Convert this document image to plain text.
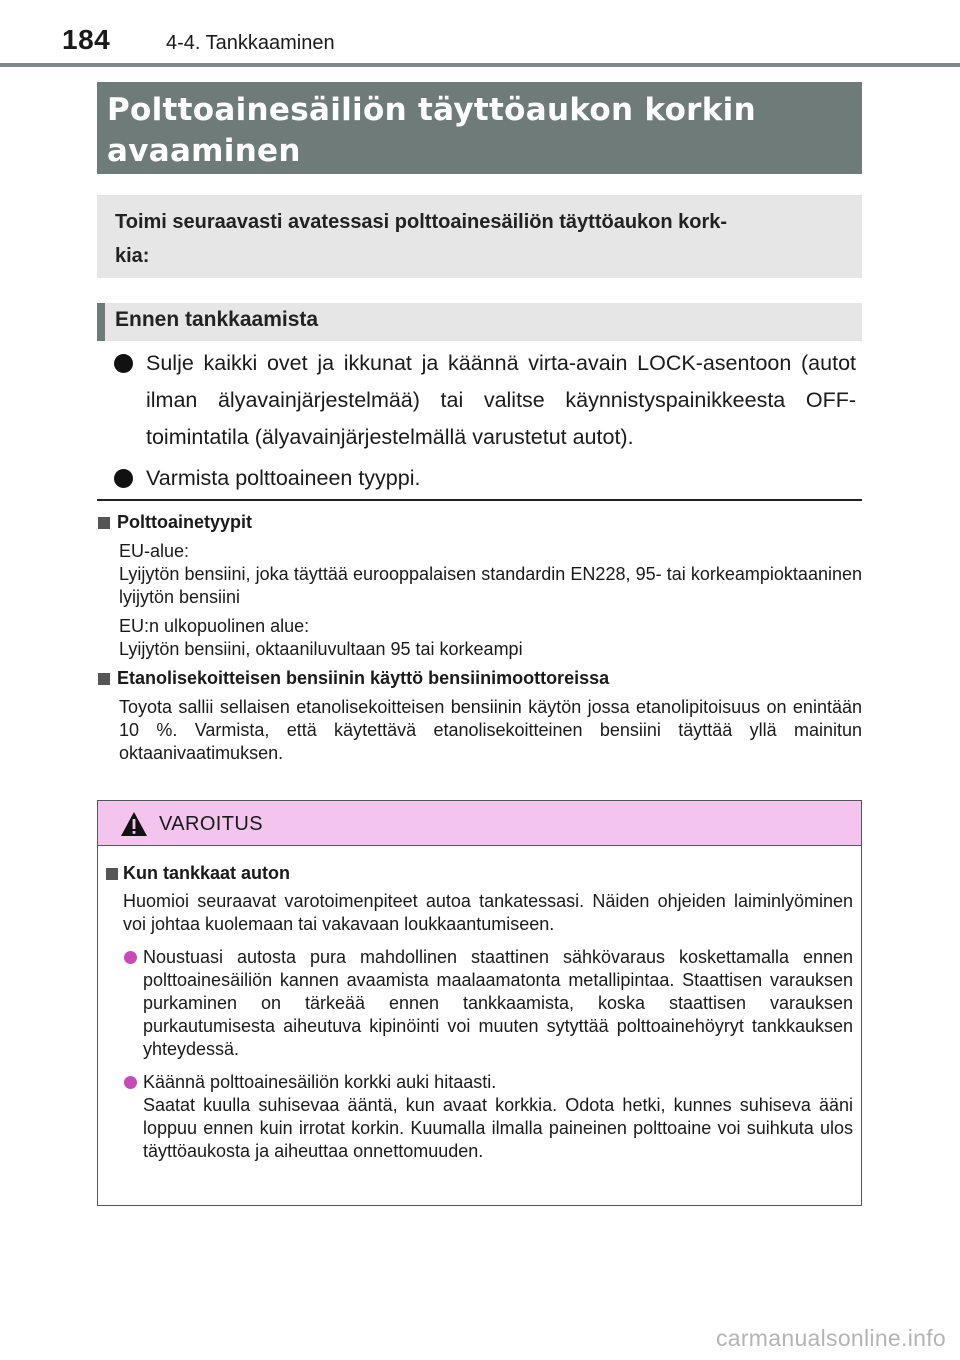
184	4-4. Tankkaaminen
Polttoainesäiliön täyttöaukon korkin
avaaminen
Toimi seuraavasti avatessasi polttoainesäiliön täyttöaukon kork-
kia:
Ennen tankkaamista
Sulje kaikki ovet ja ikkunat ja käännä virta-avain LOCK-asentoon (autot ilman älyavainjärjestelmää) tai valitse käynnistyspainikkeesta OFF-toimintatila (älyavainjärjestelmällä varustetut autot).
Varmista polttoaineen tyyppi.
Polttoainetyypit
EU-alue:
Lyijytön bensiini, joka täyttää eurooppalaisen standardin EN228, 95- tai korkeampioktaaninen lyijytön bensiini
EU:n ulkopuolinen alue:
Lyijytön bensiini, oktaaniluvultaan 95 tai korkeampi
Etanolisekoitteisen bensiinin käyttö bensiinimoottoreissa
Toyota sallii sellaisen etanolisekoitteisen bensiinin käytön jossa etanolipitoisuus on enintään 10 %. Varmista, että käytettävä etanolisekoitteinen bensiini täyttää yllä mainitun oktaanivaatimuksen.
VAROITUS
Kun tankkaat auton
Huomioi seuraavat varotoimenpiteet autoa tankatessasi. Näiden ohjeiden laiminlyöminen voi johtaa kuolemaan tai vakavaan loukkaantumiseen.
Noustuasi autosta pura mahdollinen staattinen sähkövaraus koskettamalla ennen polttoainesäiliön kannen avaamista maalaamatonta metallipintaa. Staattisen varauksen purkaminen on tärkeää ennen tankkaamista, koska staattisen varauksen purkautumisesta aiheutuva kipinöinti voi muuten sytyttää polttoainehöyryt tankkauksen yhteydessä.
Käännä polttoainesäiliön korkki auki hitaasti.
Saatat kuulla suhisevaa ääntä, kun avaat korkkia. Odota hetki, kunnes suhiseva ääni loppuu ennen kuin irrotat korkin. Kuumalla ilmalla paineinen polttoaine voi suihkuta ulos täyttöaukosta ja aiheuttaa onnettomuuden.
carmanualsonline.info
